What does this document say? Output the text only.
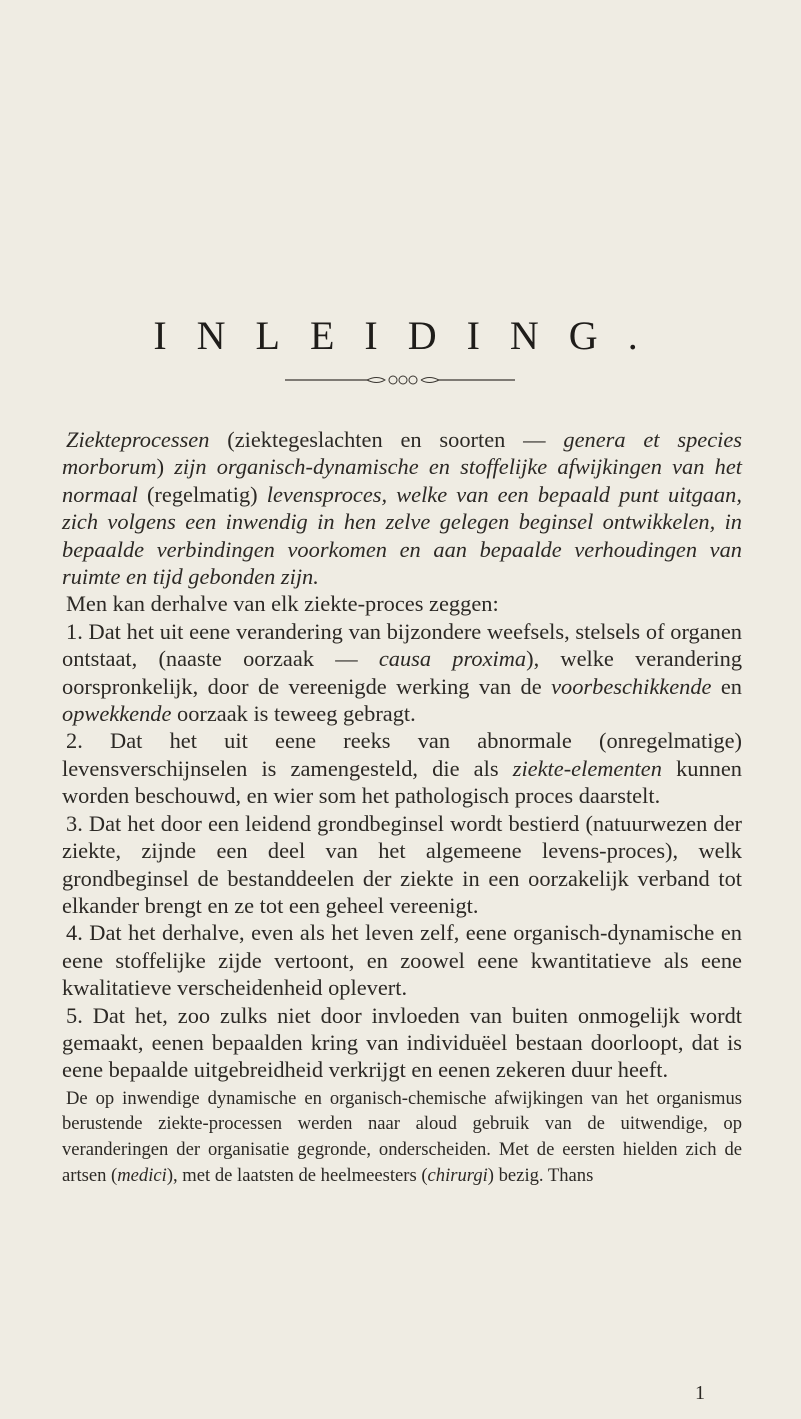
INLEIDING.

Ziekteprocessen (ziektegeslachten en soorten — genera et species morborum) zijn organisch-dynamische en stoffelijke afwijkingen van het normaal (regelmatig) levensproces, welke van een bepaald punt uitgaan, zich volgens een inwendig in hen zelve gelegen beginsel ontwikkelen, in bepaalde verbindingen voorkomen en aan bepaalde verhoudingen van ruimte en tijd gebonden zijn.

Men kan derhalve van elk ziekte-proces zeggen:

1. Dat het uit eene verandering van bijzondere weefsels, stelsels of organen ontstaat, (naaste oorzaak — causa proxima), welke verandering oorspronkelijk, door de vereenigde werking van de voorbeschikkende en opwekkende oorzaak is teweeg gebragt.

2. Dat het uit eene reeks van abnormale (onregelmatige) levensverschijnselen is zamengesteld, die als ziekte-elementen kunnen worden beschouwd, en wier som het pathologisch proces daarstelt.

3. Dat het door een leidend grondbeginsel wordt bestierd (natuurwezen der ziekte, zijnde een deel van het algemeene levens-proces), welk grondbeginsel de bestanddeelen der ziekte in een oorzakelijk verband tot elkander brengt en ze tot een geheel vereenigt.

4. Dat het derhalve, even als het leven zelf, eene organisch-dynamische en eene stoffelijke zijde vertoont, en zoowel eene kwantitatieve als eene kwalitatieve verscheidenheid oplevert.

5. Dat het, zoo zulks niet door invloeden van buiten onmogelijk wordt gemaakt, eenen bepaalden kring van individuëel bestaan doorloopt, dat is eene bepaalde uitgebreidheid verkrijgt en eenen zekeren duur heeft.

De op inwendige dynamische en organisch-chemische afwijkingen van het organismus berustende ziekte-processen werden naar aloud gebruik van de uitwendige, op veranderingen der organisatie gegronde, onderscheiden. Met de eersten hielden zich de artsen (medici), met de laatsten de heelmeesters (chirurgi) bezig. Thans

1
